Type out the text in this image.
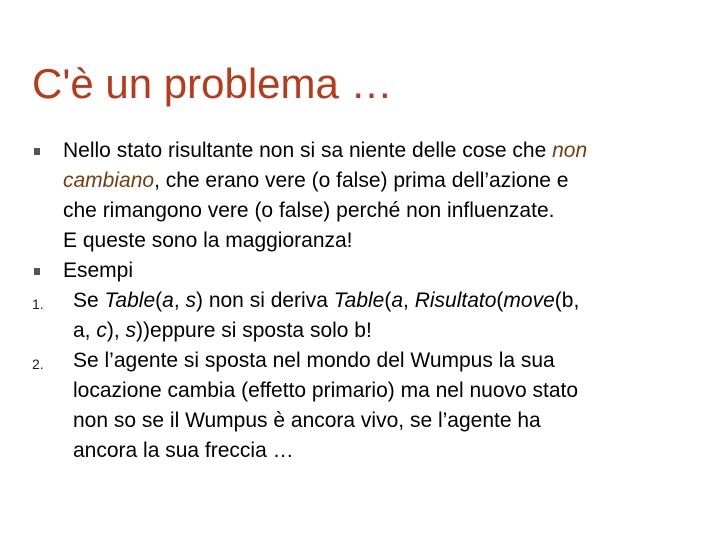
C'è un problema …
Nello stato risultante non si sa niente delle cose che non
cambiano, che erano vere (o false) prima dell’azione e
che rimangono vere (o false) perché non influenzate.
E queste sono la maggioranza!
Esempi
1. Se Table(a, s) non si deriva Table(a, Risultato(move(b,
a, c), s))eppure si sposta solo b!
2. Se l’agente si sposta nel mondo del Wumpus la sua
locazione cambia (effetto primario) ma nel nuovo stato
non so se il Wumpus è ancora vivo, se l’agente ha
ancora la sua freccia …
